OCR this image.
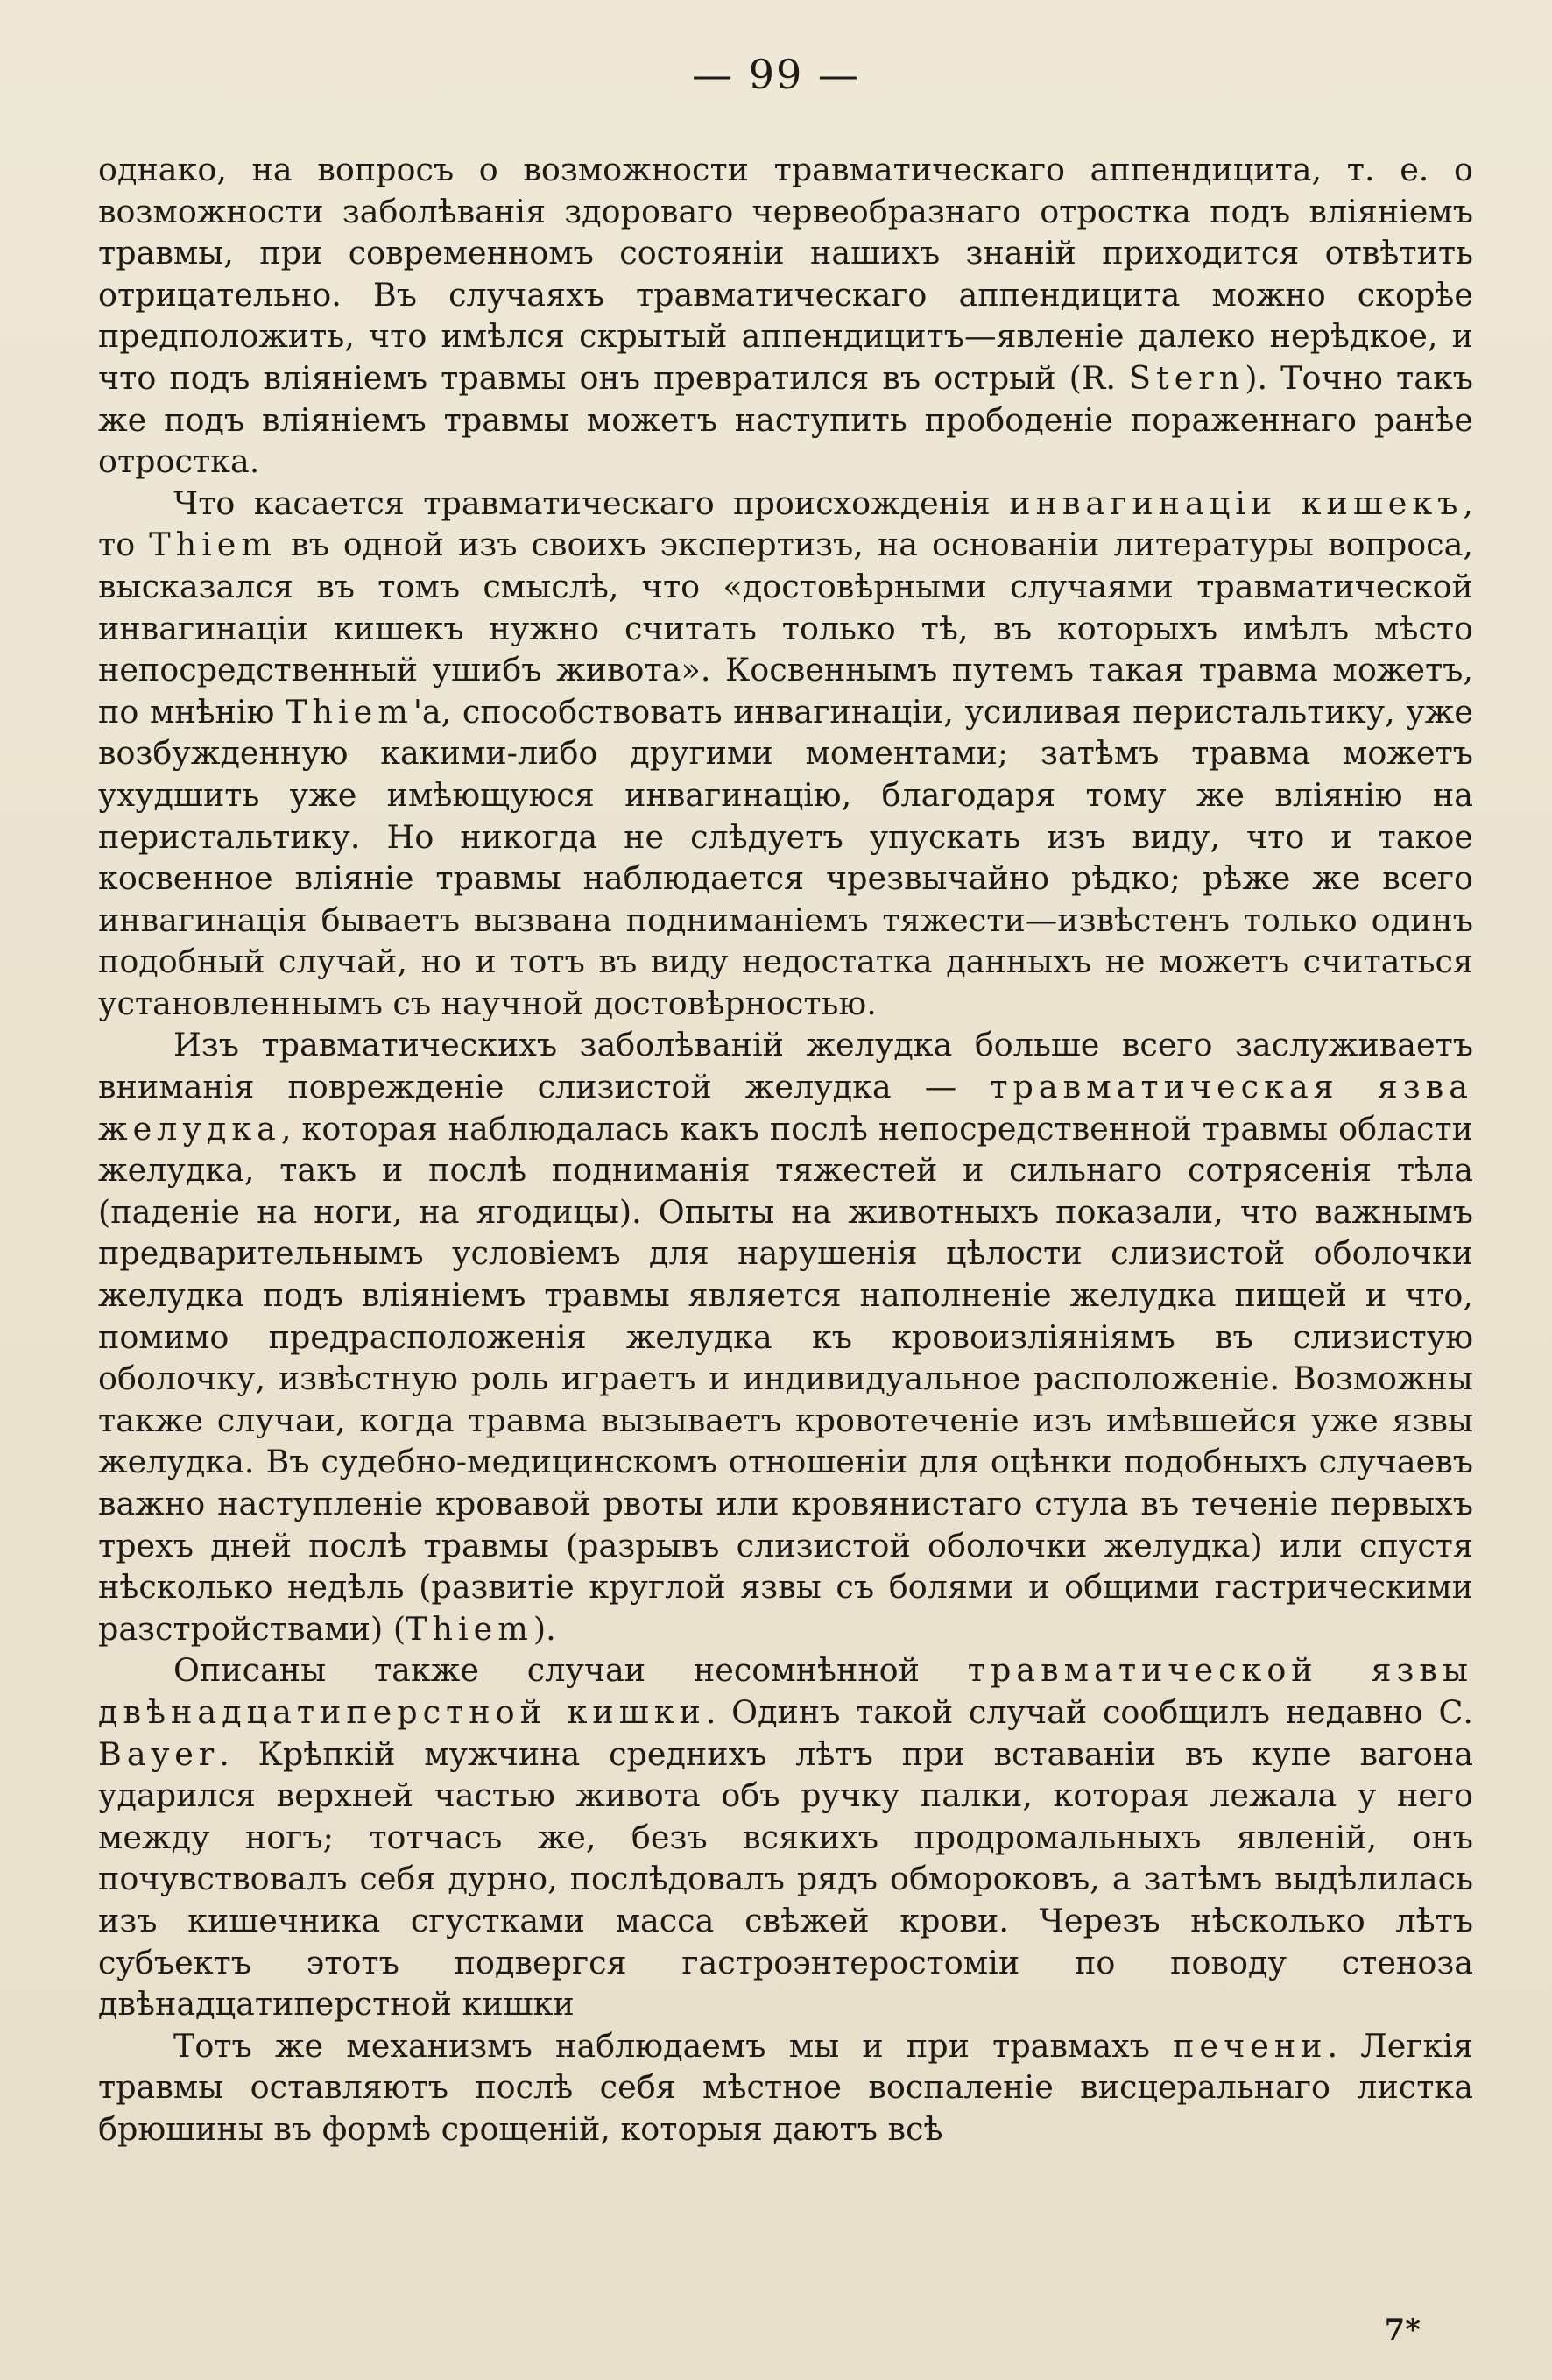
— 99 —

однако, на вопросъ о возможности травматическаго аппендицита, т. е. о возможности заболѣванія здороваго червеобразнаго отростка подъ вліяніемъ травмы, при современномъ состояніи нашихъ знаній приходится отвѣтить отрицательно. Въ случаяхъ травматическаго аппендицита можно скорѣе предположить, что имѣлся скрытый аппендицитъ—явленіе далеко нерѣдкое, и что подъ вліяніемъ травмы онъ превратился въ острый (R. Stern). Точно такъ же подъ вліяніемъ травмы можетъ наступить прободеніе пораженнаго ранѣе отростка.

Что касается травматическаго происхожденія инвагинаціи кишекъ, то Thiem въ одной изъ своихъ экспертизъ, на основаніи литературы вопроса, высказался въ томъ смыслѣ, что «достовѣрными случаями травматической инвагинаціи кишекъ нужно считать только тѣ, въ которыхъ имѣлъ мѣсто непосредственный ушибъ живота». Косвеннымъ путемъ такая травма можетъ, по мнѣнію Thiem'а, способствовать инвагинаціи, усиливая перистальтику, уже возбужденную какими-либо другими моментами; затѣмъ травма можетъ ухудшить уже имѣющуюся инвагинацію, благодаря тому же вліянію на перистальтику. Но никогда не слѣдуетъ упускать изъ виду, что и такое косвенное вліяніе травмы наблюдается чрезвычайно рѣдко; рѣже же всего инвагинація бываетъ вызвана подниманіемъ тяжести—извѣстенъ только одинъ подобный случай, но и тотъ въ виду недостатка данныхъ не можетъ считаться установленнымъ съ научной достовѣрностью.

Изъ травматическихъ заболѣваній желудка больше всего заслуживаетъ вниманія поврежденіе слизистой желудка — травматическая язва желудка, которая наблюдалась какъ послѣ непосредственной травмы области желудка, такъ и послѣ подниманія тяжестей и сильнаго сотрясенія тѣла (паденіе на ноги, на ягодицы). Опыты на животныхъ показали, что важнымъ предварительнымъ условіемъ для нарушенія цѣлости слизистой оболочки желудка подъ вліяніемъ травмы является наполненіе желудка пищей и что, помимо предрасположенія желудка къ кровоизліяніямъ въ слизистую оболочку, извѣстную роль играетъ и индивидуальное расположеніе. Возможны также случаи, когда травма вызываетъ кровотеченіе изъ имѣвшейся уже язвы желудка. Въ судебно-медицинскомъ отношеніи для оцѣнки подобныхъ случаевъ важно наступленіе кровавой рвоты или кровянистаго стула въ теченіе первыхъ трехъ дней послѣ травмы (разрывъ слизистой оболочки желудка) или спустя нѣсколько недѣль (развитіе круглой язвы съ болями и общими гастрическими разстройствами) (Thiem).

Описаны также случаи несомнѣнной травматической язвы двѣнадцатиперстной кишки. Одинъ такой случай сообщилъ недавно С. Bayer. Крѣпкій мужчина среднихъ лѣтъ при вставаніи въ купе вагона ударился верхней частью живота объ ручку палки, которая лежала у него между ногъ; тотчасъ же, безъ всякихъ продромальныхъ явленій, онъ почувствовалъ себя дурно, послѣдовалъ рядъ обмороковъ, а затѣмъ выдѣлилась изъ кишечника сгустками масса свѣжей крови. Черезъ нѣсколько лѣтъ субъектъ этотъ подвергся гастроэнтеростоміи по поводу стеноза двѣнадцатиперстной кишки

Тотъ же механизмъ наблюдаемъ мы и при травмахъ печени. Легкія травмы оставляютъ послѣ себя мѣстное воспаленіе висцеральнаго листка брюшины въ формѣ срощеній, которыя даютъ всѣ

7*
